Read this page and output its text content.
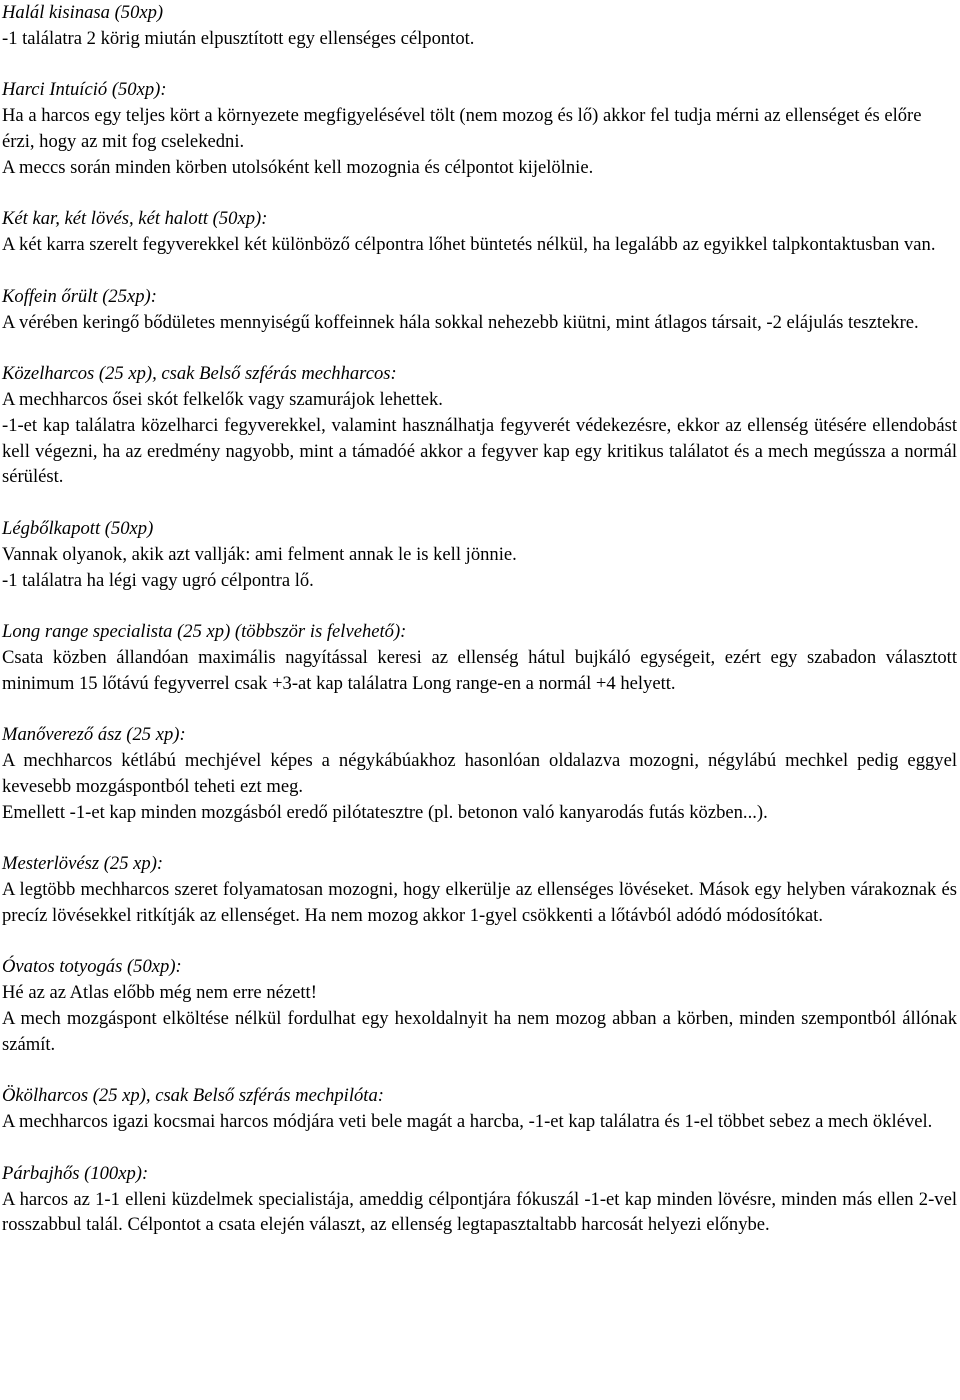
Halál kisinasa (50xp)
-1 találatra 2 körig miután elpusztított egy ellenséges célpontot.
Harci Intuíció (50xp):
Ha a harcos egy teljes kört a környezete megfigyelésével tölt (nem mozog és lő) akkor fel tudja mérni az ellenséget és előre érzi, hogy az mit fog cselekedni.
A meccs során minden körben utolsóként kell mozognia és célpontot kijelölnie.
Két kar, két lövés, két halott (50xp):
A két karra szerelt fegyverekkel két különböző célpontra lőhet büntetés nélkül, ha legalább az egyikkel talpkontaktusban van.
Koffein őrült (25xp):
A vérében keringő bődületes mennyiségű koffeinnek hála sokkal nehezebb kiütni, mint átlagos társait, -2 elájulás tesztekre.
Közelharcos (25 xp), csak Belső szférás mechharcos:
A mechharcos ősei skót felkelők vagy szamurájok lehettek.
-1-et kap találatra közelharci fegyverekkel, valamint használhatja fegyverét védekezésre, ekkor az ellenség ütésére ellendobást kell végezni, ha az eredmény nagyobb, mint a támadóé akkor a fegyver kap egy kritikus találatot és a mech megússza a normál sérülést.
Légbőlkapott (50xp)
Vannak olyanok, akik azt vallják: ami felment annak le is kell jönnie.
-1 találatra ha légi vagy ugró célpontra lő.
Long range specialista (25 xp) (többször is felvehető):
Csata közben állandóan maximális nagyítással keresi az ellenség hátul bujkáló egységeit, ezért egy szabadon választott minimum 15 lőtávú fegyverrel csak +3-at kap találatra Long range-en a normál +4 helyett.
Manőverező ász (25 xp):
A mechharcos kétlábú mechjével képes a négykábúakhoz hasonlóan oldalazva mozogni, négylábú mechkel pedig eggyel kevesebb mozgáspontból teheti ezt meg.
Emellett -1-et kap minden mozgásból eredő pilótatesztre (pl. betonon való kanyarodás futás közben...).
Mesterlövész (25 xp):
A legtöbb mechharcos szeret folyamatosan mozogni, hogy elkerülje az ellenséges lövéseket. Mások egy helyben várakoznak és precíz lövésekkel ritkítják az ellenséget. Ha nem mozog akkor 1-gyel csökkenti a lőtávból adódó módosítókat.
Óvatos totyogás (50xp):
Hé az az Atlas előbb még nem erre nézett!
A mech mozgáspont elköltése nélkül fordulhat egy hexoldalnyit ha nem mozog abban a körben, minden szempontból állónak számít.
Ökölharcos (25 xp), csak Belső szférás mechpilóta:
A mechharcos igazi kocsmai harcos módjára veti bele magát a harcba, -1-et kap találatra és 1-el többet sebez a mech öklével.
Párbajhős (100xp):
A harcos az 1-1 elleni küzdelmek specialistája, ameddig célpontjára fókuszál -1-et kap minden lövésre, minden más ellen 2-vel rosszabbul talál. Célpontot a csata elején választ, az ellenség legtapasztaltabb harcosát helyezi előnybe.
